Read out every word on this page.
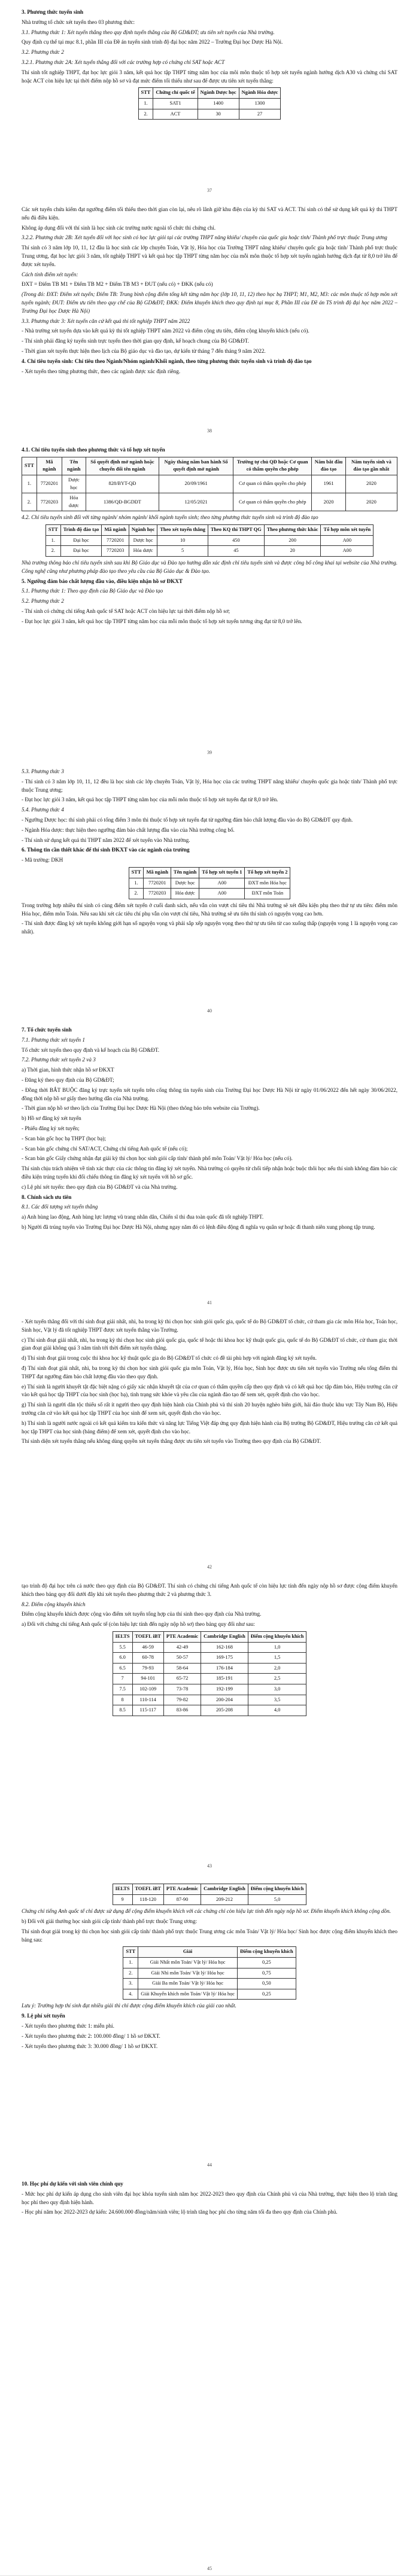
3. Phương thức tuyển sinh

Nhà trường tổ chức xét tuyển theo 03 phương thức:

3.1. Phương thức 1: Xét tuyển thẳng theo quy định tuyển thẳng của Bộ GD&ĐT; ưu tiên xét tuyển của Nhà trường.

Quy định cụ thể tại mục 8.1, phần III của Đề án tuyển sinh trình độ đại học năm 2022 – Trường Đại học Dược Hà Nội.

3.2. Phương thức 2

3.2.1. Phương thức 2A: Xét tuyển thẳng đối với các trường hợp có chứng chỉ SAT hoặc ACT

Thí sinh tốt nghiệp THPT, đạt học lực giỏi 3 năm, kết quả học tập THPT từng năm học của môi môn thuộc tổ hợp xét tuyển ngành hướng dịch A30 và chứng chỉ SAT hoặc ACT còn hiệu lực tại thời điểm nộp hồ sơ và đạt mức điểm tối thiểu như sau để được ưu tiên xét tuyển thẳng:

STT	Chứng chỉ quốc tế	Ngành Dược học	Ngành Hóa dược
1.	SAT1	1400	1300
2.	ACT	30	27
37

Các xét tuyển chứa kiểm đạt ngưỡng điểm tối thiểu theo thời gian còn lại, nêu rõ lãnh giữ khu điện của kỳ thi SAT và ACT. Thí sinh có thể sử dụng kết quả kỳ thi THPT nếu đủ điều kiện.

Không áp dụng đối với thí sinh là học sinh các trường nước ngoài tổ chức thi chứng chỉ.

3.2.2. Phương thức 2B: Xét tuyển đối với học sinh có học lực giỏi tại các trường THPT năng khiếu/ chuyên của quốc gia hoặc tỉnh/ Thành phố trực thuộc Trung ương

Thí sinh có 3 năm lớp 10, 11, 12 đầu là học sinh các lớp chuyên Toán, Vật lý, Hóa học của Trường THPT năng khiếu/ chuyên quốc gia hoặc tỉnh/ Thành phố trực thuộc Trung ương, đạt học lực giỏi 3 năm, tốt nghiệp THPT và kết quả học tập THPT từng năm học của mỗi môn thuộc tổ hợp xét tuyển ngành hướng dịch đạt từ 8,0 trở lên để được xét tuyển.

Cách tính điểm xét tuyển:

ĐXT = Điểm TB M1 + Điểm TB M2 + Điểm TB M3 + ĐUT (nếu có) + ĐKK (nếu có)

(Trong đó: ĐXT: Điểm xét tuyển; Điểm TB: Trung bình cộng điểm tổng kết từng năm học (lớp 10, 11, 12) theo học bạ THPT; M1, M2, M3: các môn thuộc tổ hợp môn xét tuyển ngành; ĐUT: Điểm ưu tiên theo quy chế của Bộ GD&ĐT; ĐKK: Điểm khuyến khích theo quy định tại mục 8, Phần III của Đề án TS trình độ đại học năm 2022 – Trường Đại học Dược Hà Nội)

3.3. Phương thức 3: Xét tuyển căn cứ kết quả thi tốt nghiệp THPT năm 2022

- Nhà trường xét tuyển dựa vào kết quả kỳ thi tốt nghiệp THPT năm 2022 và điểm cộng ưu tiên, điểm cộng khuyến khích (nếu có).

- Thí sinh phải đăng ký tuyển sinh trực tuyến theo thời gian quy định, kế hoạch chung của Bộ GD&ĐT.

- Thời gian xét tuyển thực hiện theo lịch của Bộ giáo dục và đào tạo, dự kiến từ tháng 7 đến tháng 9 năm 2022.

4. Chỉ tiêu tuyển sinh: Chỉ tiêu theo Ngành/Nhóm ngành/Khối ngành, theo từng phương thức tuyển sinh và trình độ đào tạo

- Xét tuyển theo từng phương thức, theo các ngành được xác định riêng.

38

4.1. Chỉ tiêu tuyển sinh theo phương thức và tổ hợp xét tuyển

STT	Mã ngành	Tên ngành	Số quyết định mở ngành hoặc chuyển đổi tên ngành	Ngày tháng năm ban hành Số quyết định mở ngành	Trường tự chủ QĐ hoặc Cơ quan có thẩm quyền cho phép	Năm bắt đầu đào tạo	Năm tuyển sinh và đào tạo gần nhất
1.	7720201	Dược học	828/BYT-QĐ	20/09/1961	Cơ quan có thẩm quyền cho phép	1961	2020
2.	7720203	Hóa dược	1386/QĐ-BGDĐT	12/05/2021	Cơ quan có thẩm quyền cho phép	2020	2020

4.2. Chỉ tiêu tuyển sinh đối với từng ngành/ nhóm ngành/ khối ngành tuyển sinh; theo từng phương thức tuyển sinh và trình độ đào tạo

STT	Trình độ đào tạo	Mã ngành	Ngành học	Theo xét tuyển thẳng	Theo KQ thi THPT QG	Theo phương thức khác	Tổ hợp môn xét tuyển
1.	Đại học	7720201	Dược học	10	450	200	A00
2.	Đại học	7720203	Hóa dược	5	45	20	A00

Nhà trường thông báo chỉ tiêu tuyển sinh sau khi Bộ Giáo dục và Đào tạo hướng dẫn xác định chỉ tiêu tuyển sinh và được công bố công khai tại website của Nhà trường. Công nghệ cũng như phương pháp đào tạo theo yêu cầu của Bộ Giáo dục & Đào tạo.

5. Ngưỡng đảm bảo chất lượng đầu vào, điều kiện nhận hồ sơ ĐKXT

5.1. Phương thức 1: Theo quy định của Bộ Giáo dục và Đào tạo

5.2. Phương thức 2

- Thí sinh có chứng chỉ tiếng Anh quốc tế SAT hoặc ACT còn hiệu lực tại thời điểm nộp hồ sơ;

- Đạt học lực giỏi 3 năm, kết quả học tập THPT từng năm học của mỗi môn thuộc tổ hợp xét tuyển tương ứng đạt từ 8,0 trở lên.

39

5.3. Phương thức 3

- Thí sinh có 3 năm lớp 10, 11, 12 đều là học sinh các lớp chuyên Toán, Vật lý, Hóa học của các trường THPT năng khiếu/ chuyên quốc gia hoặc tỉnh/ Thành phố trực thuộc Trung ương;

- Đạt học lực giỏi 3 năm, kết quả học tập THPT từng năm học của mỗi môn thuộc tổ hợp xét tuyển đạt từ 8,0 trở lên.

5.4. Phương thức 4

- Ngưỡng Dược học: thí sinh phải có tổng điểm 3 môn thi thuộc tổ hợp xét tuyển đạt từ ngưỡng đảm bảo chất lượng đầu vào do Bộ GD&ĐT quy định.

- Ngành Hóa dược: thực hiện theo ngưỡng đảm bảo chất lượng đầu vào của Nhà trường công bố.

- Thí sinh sử dụng kết quả thi THPT năm 2022 để xét tuyển vào Nhà trường.

6. Thông tin cần thiết khác để thí sinh ĐKXT vào các ngành của trường

- Mã trường: DKH

STT	Mã ngành	Tên ngành	Tổ hợp xét tuyển 1	Tổ hợp xét tuyển 2
1.	7720201	Dược học	A00	ĐXT môn Hóa học
2.	7720203	Hóa dược	A00	ĐXT môn Toán

Trong trường hợp nhiều thí sinh có cùng điểm xét tuyển ở cuối danh sách, nếu vẫn còn vượt chỉ tiêu thì Nhà trường sẽ xét điều kiện phụ theo thứ tự ưu tiên: điểm môn Hóa học, điểm môn Toán. Nếu sau khi xét các tiêu chí phụ vẫn còn vượt chỉ tiêu, Nhà trường sẽ ưu tiên thí sinh có nguyện vọng cao hơn.

- Thí sinh được đăng ký xét tuyển không giới hạn số nguyện vọng và phải sắp xếp nguyện vọng theo thứ tự ưu tiên từ cao xuống thấp (nguyện vọng 1 là nguyện vọng cao nhất).

40

7. Tổ chức tuyển sinh

7.1. Phương thức xét tuyển 1

Tổ chức xét tuyển theo quy định và kế hoạch của Bộ GD&ĐT.

7.2. Phương thức xét tuyển 2 và 3

a) Thời gian, hình thức nhận hồ sơ ĐKXT

- Đăng ký theo quy định của Bộ GD&ĐT;

- Đồng thời BẮT BUỘC đăng ký trực tuyến xét tuyển trên cổng thông tin tuyển sinh của Trường Đại học Dược Hà Nội từ ngày 01/06/2022 đến hết ngày 30/06/2022, đồng thời nộp hồ sơ giấy theo hướng dẫn của Nhà trường.

- Thời gian nộp hồ sơ theo lịch của Trường Đại học Dược Hà Nội (theo thông báo trên website của Trường).

b) Hồ sơ đăng ký xét tuyển

- Phiếu đăng ký xét tuyển;

- Scan bản gốc học bạ THPT (học bạ);

- Scan bản gốc chứng chỉ SAT/ACT, Chứng chỉ tiếng Anh quốc tế (nếu có);

- Scan bản gốc Giấy chứng nhận đạt giải kỳ thi chọn học sinh giỏi cấp tỉnh/ thành phố môn Toán/ Vật lý/ Hóa học (nếu có).

Thí sinh chịu trách nhiệm về tính xác thực của các thông tin đăng ký xét tuyển. Nhà trường có quyền từ chối tiếp nhận hoặc buộc thôi học nếu thí sinh không đảm bảo các điều kiện trúng tuyển khi đối chiếu thông tin đăng ký xét tuyển với hồ sơ gốc.

c) Lệ phí xét tuyển: theo quy định của Bộ GD&ĐT và của Nhà trường.

8. Chính sách ưu tiên

8.1. Các đối tượng xét tuyển thẳng

a) Anh hùng lao động, Anh hùng lực lượng vũ trang nhân dân, Chiến sĩ thi đua toàn quốc đã tốt nghiệp THPT.

b) Người đã trúng tuyển vào Trường Đại học Dược Hà Nội, nhưng ngay năm đó có lệnh điều động đi nghĩa vụ quân sự hoặc đi thanh niên xung phong tập trung.

41

- Xét tuyển thẳng đối với thí sinh đoạt giải nhất, nhì, ba trong kỳ thi chọn học sinh giỏi quốc gia, quốc tế do Bộ GD&ĐT tổ chức, cử tham gia các môn Hóa học, Toán học, Sinh học, Vật lý đã tốt nghiệp THPT được xét tuyển thẳng vào Trường.

c) Thí sinh đoạt giải nhất, nhì, ba trong kỳ thi chọn học sinh giỏi quốc gia, quốc tế hoặc thi khoa học kỹ thuật quốc gia, quốc tế do Bộ GD&ĐT tổ chức, cử tham gia; thời gian đoạt giải không quá 3 năm tính tới thời điểm xét tuyển thẳng.

d) Thí sinh đoạt giải trong cuộc thi khoa học kỹ thuật quốc gia do Bộ GD&ĐT tổ chức có đề tài phù hợp với ngành đăng ký xét tuyển.

đ) Thí sinh đoạt giải nhất, nhì, ba trong kỳ thi chọn học sinh giỏi quốc gia môn Toán, Vật lý, Hóa học, Sinh học được ưu tiên xét tuyển vào Trường nếu tổng điểm thi THPT đạt ngưỡng đảm bảo chất lượng đầu vào theo quy định.

e) Thí sinh là người khuyết tật đặc biệt nặng có giấy xác nhận khuyết tật của cơ quan có thẩm quyền cấp theo quy định và có kết quả học tập đảm bảo, Hiệu trưởng căn cứ vào kết quả học tập THPT của học sinh (học bạ), tình trạng sức khỏe và yêu cầu của ngành đào tạo để xem xét, quyết định cho vào học.

g) Thí sinh là người dân tộc thiểu số rất ít người theo quy định hiện hành của Chính phủ và thí sinh 20 huyện nghèo biên giới, hải đảo thuộc khu vực Tây Nam Bộ, Hiệu trưởng căn cứ vào kết quả học tập THPT của học sinh để xem xét, quyết định cho vào học.

h) Thí sinh là người nước ngoài có kết quả kiểm tra kiến thức và năng lực Tiếng Việt đáp ứng quy định hiện hành của Bộ trưởng Bộ GD&ĐT, Hiệu trưởng căn cứ kết quả học tập THPT của học sinh (bảng điểm) để xem xét, quyết định cho vào học.

Thí sinh diện xét tuyển thẳng nếu không dùng quyền xét tuyển thẳng được ưu tiên xét tuyển vào Trường theo quy định của Bộ GD&ĐT.

42

tạo trình độ đại học trên cả nước theo quy định của Bộ GD&ĐT. Thí sinh có chứng chỉ tiếng Anh quốc tế còn hiệu lực tính đến ngày nộp hồ sơ được cộng điểm khuyến khích theo bảng quy đổi dưới đây khi xét tuyển theo phương thức 2 và phương thức 3.

8.2. Điểm cộng khuyến khích

Điểm cộng khuyến khích được cộng vào điểm xét tuyển tổng hợp của thí sinh theo quy định của Nhà trường.

a) Đối với chứng chỉ tiếng Anh quốc tế (còn hiệu lực tính đến ngày nộp hồ sơ) theo bảng quy đổi như sau:

IELTS	TOEFL iBT	PTE Academic	Cambridge English	Điểm cộng khuyến khích
5.5	46-59	42-49	162-168	1,0
6.0	60-78	50-57	169-175	1,5
6.5	79-93	58-64	176-184	2,0
7	94-101	65-72	185-191	2,5
7.5	102-109	73-78	192-199	3,0
8	110-114	79-82	200-204	3,5
8.5	115-117	83-86	205-208	4,0
43
IELTS	TOEFL iBT	PTE Academic	Cambridge English	Điểm cộng khuyến khích
9	118-120	87-90	209-212	5,0

Chứng chỉ tiếng Anh quốc tế chỉ được sử dụng để cộng điểm khuyến khích với các chứng chỉ còn hiệu lực tính đến ngày nộp hồ sơ. Điểm khuyến khích không cộng dồn.

b) Đối với giải thưởng học sinh giỏi cấp tỉnh/ thành phố trực thuộc Trung ương:

Thí sinh đoạt giải trong kỳ thi chọn học sinh giỏi cấp tỉnh/ thành phố trực thuộc Trung ương các môn Toán/ Vật lý/ Hóa học/ Sinh học được cộng điểm khuyến khích theo bảng sau:

STT	Giải	Điểm cộng khuyến khích
1.	Giải Nhất môn Toán/ Vật lý/ Hóa học	0,25
2.	Giải Nhì môn Toán/ Vật lý/ Hóa học	0,75
3.	Giải Ba môn Toán/ Vật lý/ Hóa học	0,50
4.	Giải Khuyến khích môn Toán/ Vật lý/ Hóa học	0,25

Lưu ý: Trường hợp thí sinh đạt nhiều giải thì chỉ được cộng điểm khuyến khích của giải cao nhất.

9. Lệ phí xét tuyển

- Xét tuyển theo phương thức 1: miễn phí.

- Xét tuyển theo phương thức 2: 100.000 đồng/ 1 hồ sơ ĐKXT.

- Xét tuyển theo phương thức 3: 30.000 đồng/ 1 hồ sơ ĐKXT.

44

10. Học phí dự kiến với sinh viên chính quy

- Mức học phí dự kiến áp dụng cho sinh viên đại học khóa tuyển sinh năm học 2022-2023 theo quy định của Chính phủ và của Nhà trường, thực hiện theo lộ trình tăng học phí theo quy định hiện hành.

- Học phí năm học 2022-2023 dự kiến: 24.600.000 đồng/năm/sinh viên; lộ trình tăng học phí cho từng năm tối đa theo quy định của Chính phủ.

45
